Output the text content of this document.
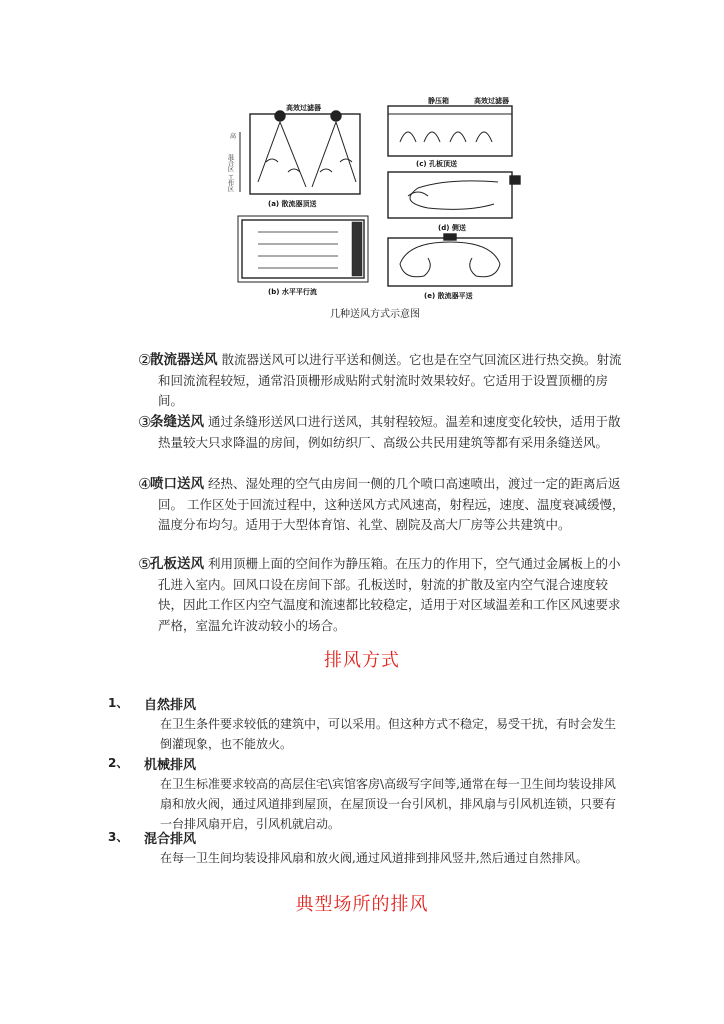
高效过滤器
(a) 散流器顶送
高
混合区
工作区
(b) 水平平行流
静压箱	高效过滤器
(c) 孔板顶送
(d) 侧送
(e) 散流器平送
几种送风方式示意图
②

散流器送风 散流器送风可以进行平送和侧送。它也是在空气回流区进行热交换。射流和回流流程较短，通常沿顶栅形成贴附式射流时效果较好。它适用于设置顶栅的房间。

③

条缝送风 通过条缝形送风口进行送风，其射程较短。温差和速度变化较快，适用于散热量较大只求降温的房间，例如纺织厂、高级公共民用建筑等都有采用条缝送风。

④

喷口送风 经热、湿处理的空气由房间一侧的几个喷口高速喷出，渡过一定的距离后返回。 工作区处于回流过程中，这种送风方式风速高，射程远，速度、温度衰减缓慢，温度分布均匀。适用于大型体育馆、礼堂、剧院及高大厂房等公共建筑中。

⑤

孔板送风 利用顶栅上面的空间作为静压箱。在压力的作用下，空气通过金属板上的小孔进入室内。回风口设在房间下部。孔板送时，射流的扩散及室内空气混合速度较快，因此工作区内空气温度和流速都比较稳定，适用于对区域温差和工作区风速要求严格，室温允许波动较小的场合。

排风方式
1、 自然排风
在卫生条件要求较低的建筑中，可以采用。但这种方式不稳定，易受干扰，有时会发生倒灌现象，也不能放火。
2、 机械排风
在卫生标准要求较高的高层住宅\宾馆客房\高级写字间等,通常在每一卫生间均装设排风扇和放火阀，通过风道排到屋顶，在屋顶设一台引风机，排风扇与引风机连锁，只要有一台排风扇开启，引风机就启动。
3、 混合排风
在每一卫生间均装设排风扇和放火阀,通过风道排到排风竖井,然后通过自然排风。
典型场所的排风
